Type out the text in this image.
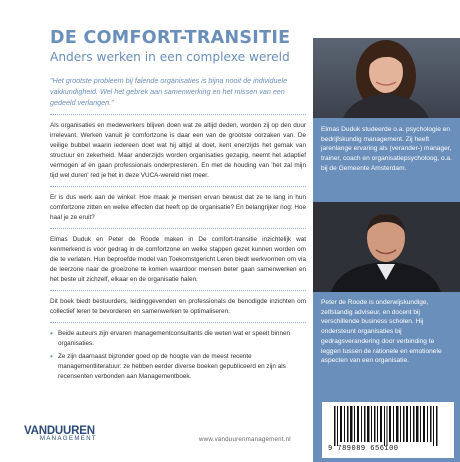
DE COMFORT-TRANSITIE
Anders werken in een complexe wereld

"Het grootste probleem bij falende organisaties is bijna nooit de individuele vakkundigheid. Wel het gebrek aan samenwerking en het missen van een gedeeld verlangen."

Als organisaties en medewerkers blijven doen wat ze altijd deden, worden zij op den duur irrelevant. Werken vanuit je comfortzone is daar een van de grootste oorzaken van. De veilige bubbel waarin iedereen doet wat hij altijd al doet, kent enerzijds het gemak van structuur en zekerheid. Maar anderzijds worden organisaties gezapig, neemt het adaptief vermogen af en gaan professionals onderpresteren. En met de houding van 'het zal mijn tijd wel duren' red je het in deze VUCA-wereld niet meer.

Er is dus werk aan de winkel: Hoe maak je mensen ervan bewust dat ze te lang in hun comfortzone zitten en welke effecten dat heeft op de organisatie? En belangrijker nog: Hoe haal je ze eruit?

Elmas Duduk en Peter de Roode maken in De comfort-transitie inzichtelijk wat kenmerkend is voor gedrag in de comfortzone en welke stappen gezet kunnen worden om die te verlaten. Hun beproefde model van Toekomstgericht Leren biedt werkvormen om via de leerzone naar de groeizone te komen waardoor mensen beter gaan samenwerken en het beste uit zichzelf, elkaar en de organisatie halen.

Dit boek biedt bestuurders, leidinggevenden en professionals de benodigde inzichten om collectief leren te bevorderen en samenwerken te optimaliseren.

• Beide auteurs zijn ervaren managementconsultants die weten wat er speelt binnen organisaties.
• Ze zijn daarnaast bijzonder goed op de hoogte van de meest recente managementliteratuur: ze hebben eerder diverse boeken gepubliceerd en zijn als recensenten verbonden aan Managementboek.
Elmas Duduk studeerde o.a. psychologie en bedrijfskundig management. Zij heeft jarenlange ervaring als (verander-) manager, trainer, coach en organisatiepsycholoog, o.a. bij de Gemeente Amsterdam.
Peter de Roode is onderwijskundige, zelfstandig adviseur, en docent bij verschillende business scholen. Hij ondersteunt organisaties bij gedragsverandering door verbinding te leggen tussen de rationele en emotionele aspecten van een organisatie.
9 789089 656100
VANDUUREN
MANAGEMENT	www.vanduurenmanagement.nl
